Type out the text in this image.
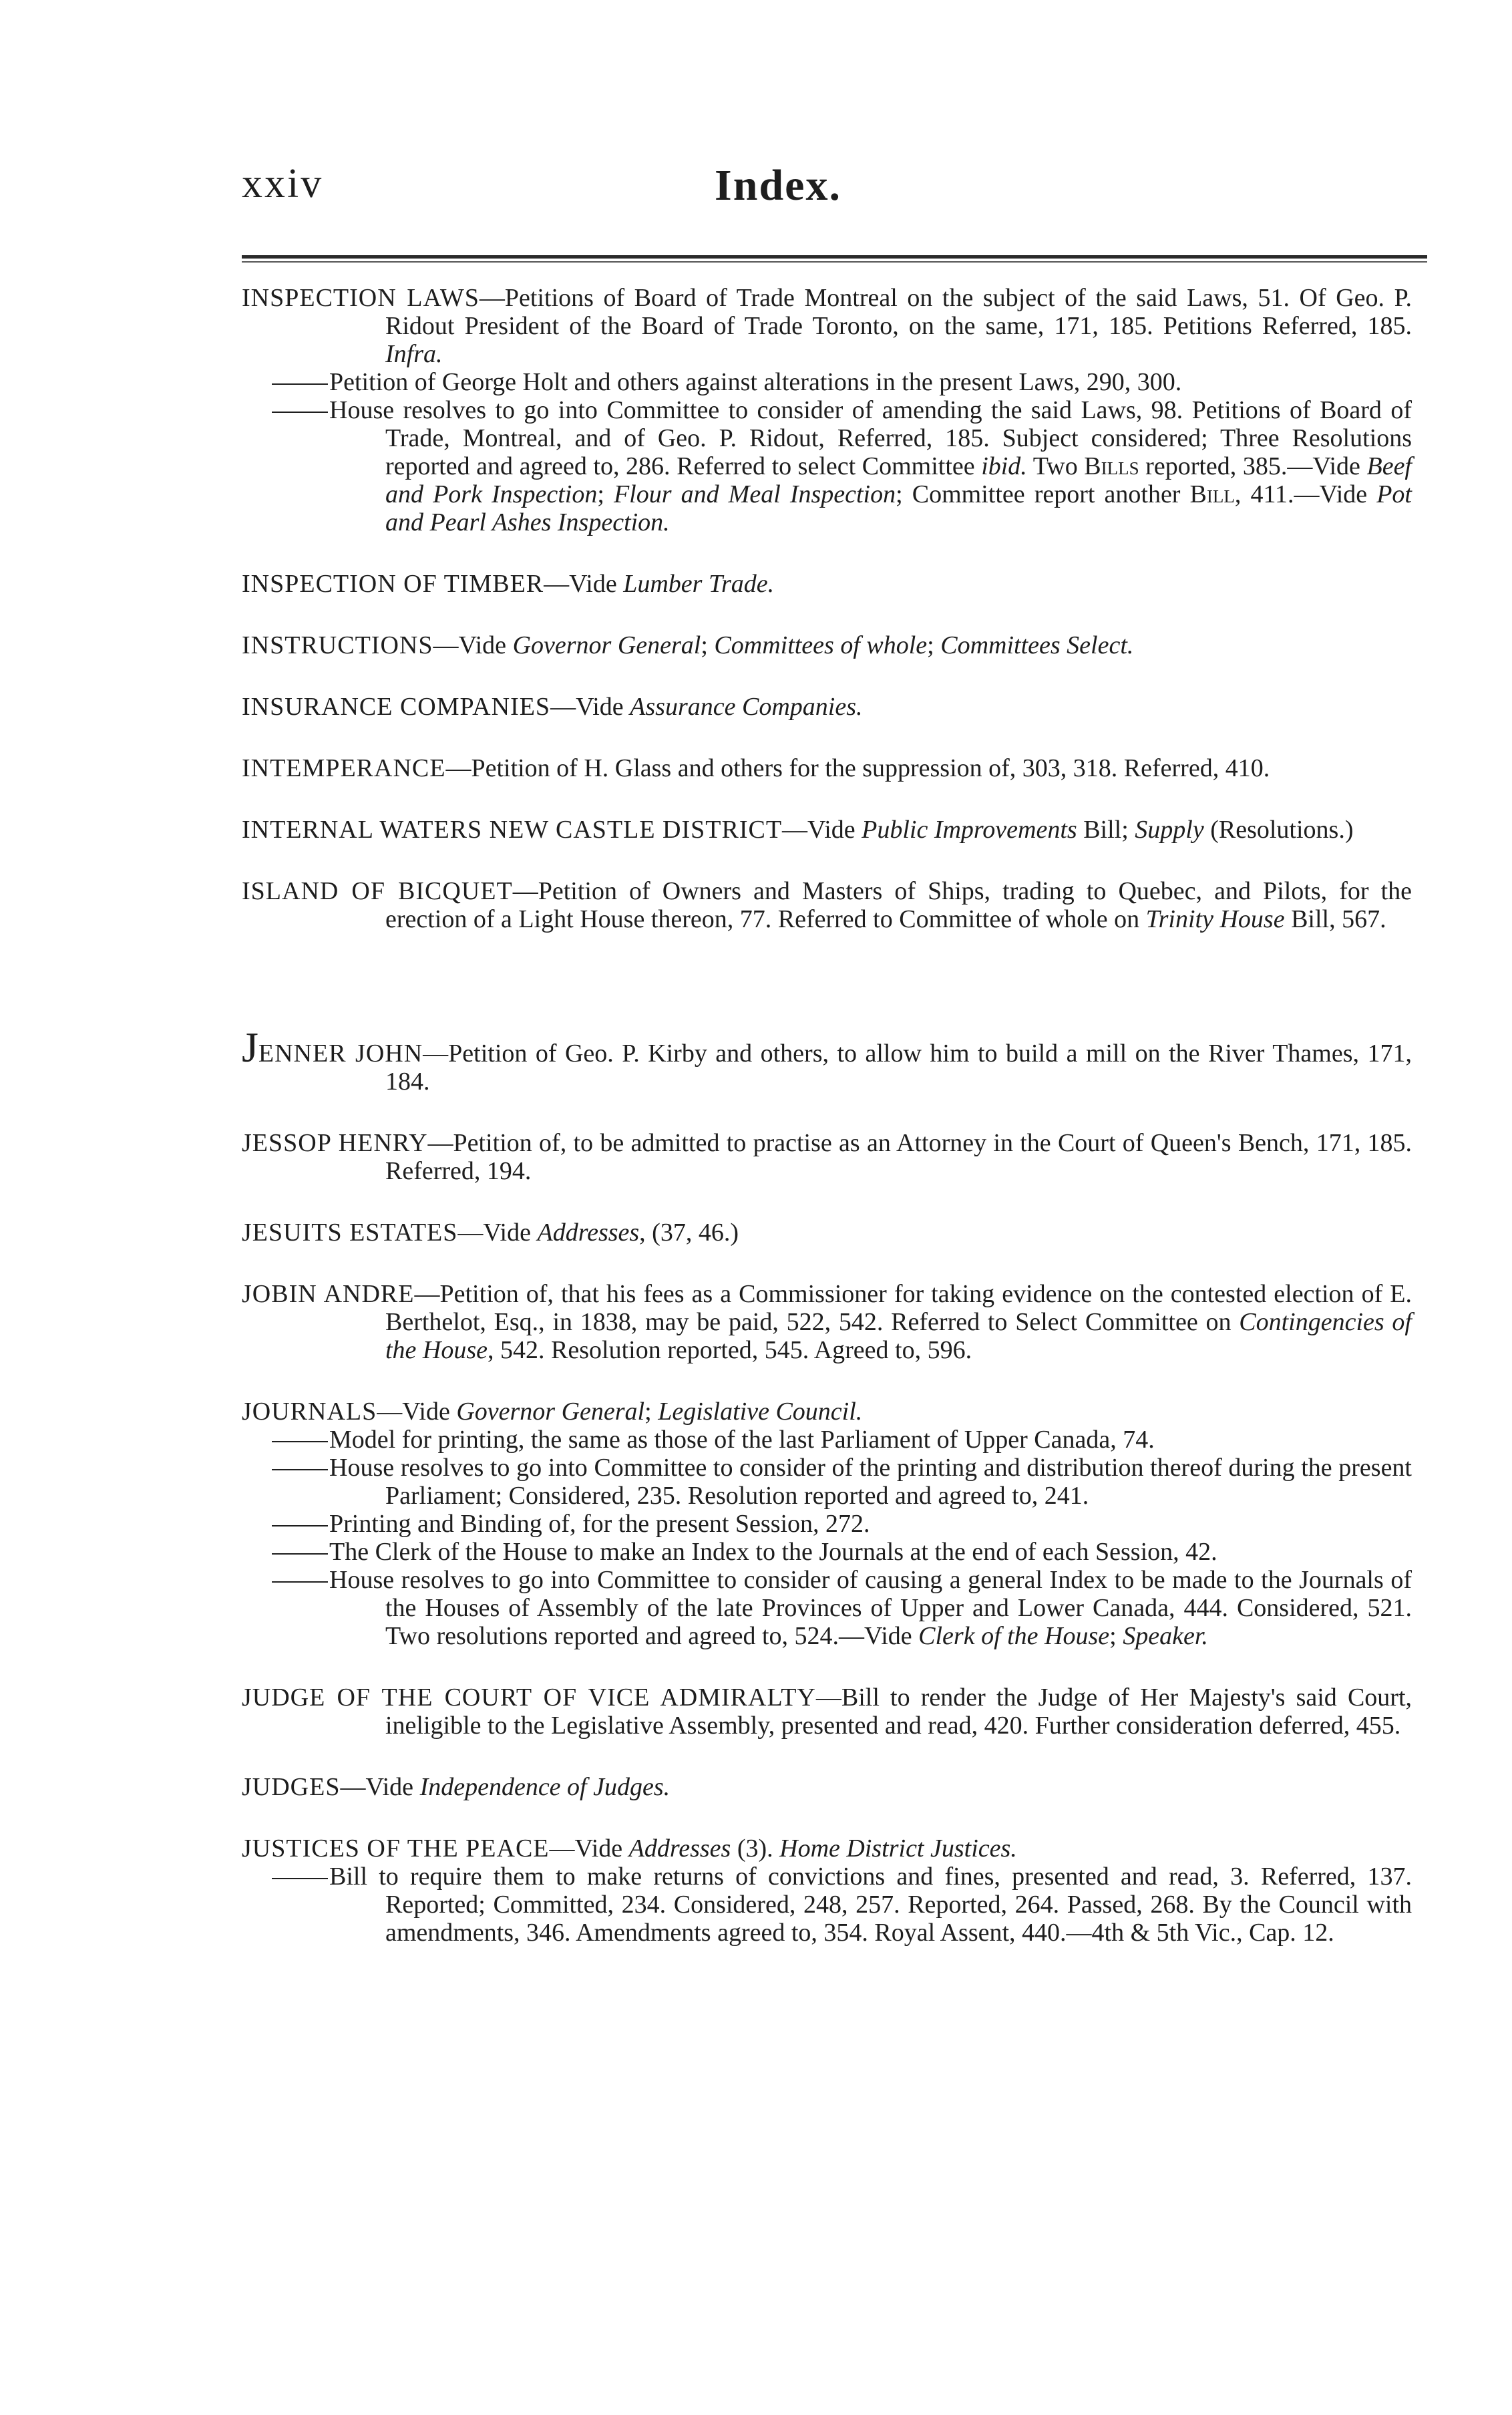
xxiv	Index.

INSPECTION LAWS—Petitions of Board of Trade Montreal on the subject of the said Laws, 51. Of Geo. P. Ridout President of the Board of Trade Toronto, on the same, 171, 185. Petitions Referred, 185. Infra.

Petition of George Holt and others against alterations in the present Laws, 290, 300.

House resolves to go into Committee to consider of amending the said Laws, 98. Petitions of Board of Trade, Montreal, and of Geo. P. Ridout, Referred, 185. Subject considered; Three Resolutions reported and agreed to, 286. Referred to select Committee ibid. Two Bills reported, 385.—Vide Beef and Pork Inspection; Flour and Meal Inspection; Committee report another Bill, 411.—Vide Pot and Pearl Ashes Inspection.

INSPECTION OF TIMBER—Vide Lumber Trade.

INSTRUCTIONS—Vide Governor General; Committees of whole; Committees Select.

INSURANCE COMPANIES—Vide Assurance Companies.

INTEMPERANCE—Petition of H. Glass and others for the suppression of, 303, 318. Referred, 410.

INTERNAL WATERS NEW CASTLE DISTRICT—Vide Public Improvements Bill; Supply (Resolutions.)

ISLAND OF BICQUET—Petition of Owners and Masters of Ships, trading to Quebec, and Pilots, for the erection of a Light House thereon, 77. Referred to Committee of whole on Trinity House Bill, 567.

JENNER JOHN—Petition of Geo. P. Kirby and others, to allow him to build a mill on the River Thames, 171, 184.

JESSOP HENRY—Petition of, to be admitted to practise as an Attorney in the Court of Queen's Bench, 171, 185. Referred, 194.

JESUITS ESTATES—Vide Addresses, (37, 46.)

JOBIN ANDRE—Petition of, that his fees as a Commissioner for taking evidence on the contested election of E. Berthelot, Esq., in 1838, may be paid, 522, 542. Referred to Select Committee on Contingencies of the House, 542. Resolution reported, 545. Agreed to, 596.

JOURNALS—Vide Governor General; Legislative Council.

Model for printing, the same as those of the last Parliament of Upper Canada, 74.

House resolves to go into Committee to consider of the printing and distribution thereof during the present Parliament; Considered, 235. Resolution reported and agreed to, 241.

Printing and Binding of, for the present Session, 272.

The Clerk of the House to make an Index to the Journals at the end of each Session, 42.

House resolves to go into Committee to consider of causing a general Index to be made to the Journals of the Houses of Assembly of the late Provinces of Upper and Lower Canada, 444. Considered, 521. Two resolutions reported and agreed to, 524.—Vide Clerk of the House; Speaker.

JUDGE OF THE COURT OF VICE ADMIRALTY—Bill to render the Judge of Her Majesty's said Court, ineligible to the Legislative Assembly, presented and read, 420. Further consideration deferred, 455.

JUDGES—Vide Independence of Judges.

JUSTICES OF THE PEACE—Vide Addresses (3). Home District Justices.

Bill to require them to make returns of convictions and fines, presented and read, 3. Referred, 137. Reported; Committed, 234. Considered, 248, 257. Reported, 264. Passed, 268. By the Council with amendments, 346. Amendments agreed to, 354. Royal Assent, 440.—4th & 5th Vic., Cap. 12.
